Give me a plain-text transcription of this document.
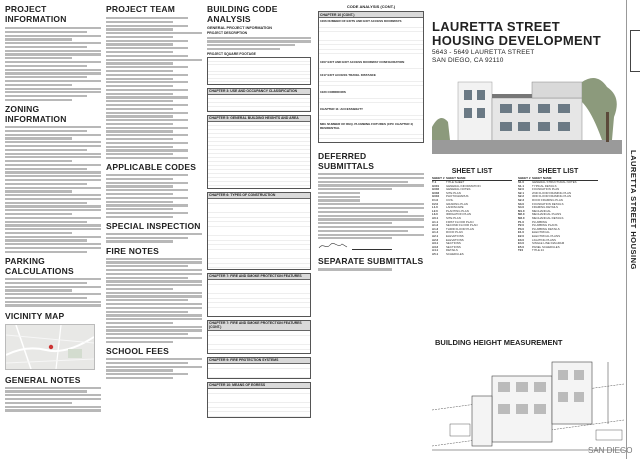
PROJECT INFORMATION
ZONING INFORMATION
PARKING CALCULATIONS
VICINITY MAP
GENERAL NOTES
PROJECT TEAM
APPLICABLE CODES
SPECIAL INSPECTION
FIRE NOTES
SCHOOL FEES
BUILDING CODE ANALYSIS
GENERAL PROJECT INFORMATION
PROJECT DESCRIPTION
PROJECT SQUARE FOOTAGE
CHAPTER 3: USE AND OCCUPANCY CLASSIFICATION
CHAPTER 5: GENERAL BUILDING HEIGHTS AND AREA
CHAPTER 6: TYPES OF CONSTRUCTION
CHAPTER 7: FIRE AND SMOKE PROTECTION FEATURES
CHAPTER 7: FIRE AND SMOKE PROTECTION FEATURES (CONT.)
CHAPTER 9: FIRE PROTECTION SYSTEMS
CHAPTER 10: MEANS OF EGRESS
CODE ANALYSIS (CONT.)
CHAPTER 10 (CONT.)
1006 NUMBER OF EXITS AND EXIT ACCESS DOORWAYS
1007 EXIT AND EXIT ACCESS DOORWAY CONFIGURATION
1017 EXIT ACCESS TRAVEL DISTANCE
1020 CORRIDORS
CHAPTER 11: ACCESSIBILITY
MIN. NUMBER OF REQ. PLUMBING FIXTURES (CPC CHAPTER 4) RESIDENTIAL
DEFERRED SUBMITTALS
SEPARATE SUBMITTALS
LAURETTA STREET
HOUSING DEVELOPMENT
5643 - 5649 LAURETTA STREET
SAN DIEGO, CA 92110
SHEET LIST
SHEET # SHEET NAME
T-1	TITLE SHEET
G001	GENERAL INFORMATION
G002	GENERAL NOTES
G003	SITE PLAN
G004	PHOTOGRAPHS
C1.0	CIVIL
C2.0	GRADING PLAN
L1.0	LANDSCAPE
L2.0	PLANTING PLAN
L3.0	IRRIGATION PLAN
A0.1	SITE PLAN
A1.1	FIRST FLOOR PLAN
A1.2	SECOND FLOOR PLAN
A1.3	THIRD FLOOR PLAN
A1.4	ROOF PLAN
A2.1	ELEVATIONS
A2.2	ELEVATIONS
A3.1	SECTIONS
A3.2	SECTIONS
A4.1	DETAILS
A5.1	SCHEDULES
SHEET LIST
SHEET # SHEET NAME
S1.0	GENERAL STRUCTURAL NOTES
S1.1	TYPICAL DETAILS
S2.0	FOUNDATION PLAN
S2.1	2ND FLOOR FRAMING PLAN
S2.2	3RD FLOOR FRAMING PLAN
S2.3	ROOF FRAMING PLAN
S3.0	FOUNDATION DETAILS
S4.0	FRAMING DETAILS
M1.0	MECHANICAL
M2.0	MECHANICAL PLANS
M3.0	MECHANICAL DETAILS
P1.0	PLUMBING
P2.0	PLUMBING PLANS
P3.0	PLUMBING DETAILS
E1.0	ELECTRICAL
E2.0	ELECTRICAL PLANS
E3.0	LIGHTING PLANS
E4.0	SINGLE LINE DIAGRAM
E5.0	PANEL SCHEDULES
T24	TITLE 24
BUILDING HEIGHT MEASUREMENT
LAURETTA STREET HOUSING
SAN DIEGO
